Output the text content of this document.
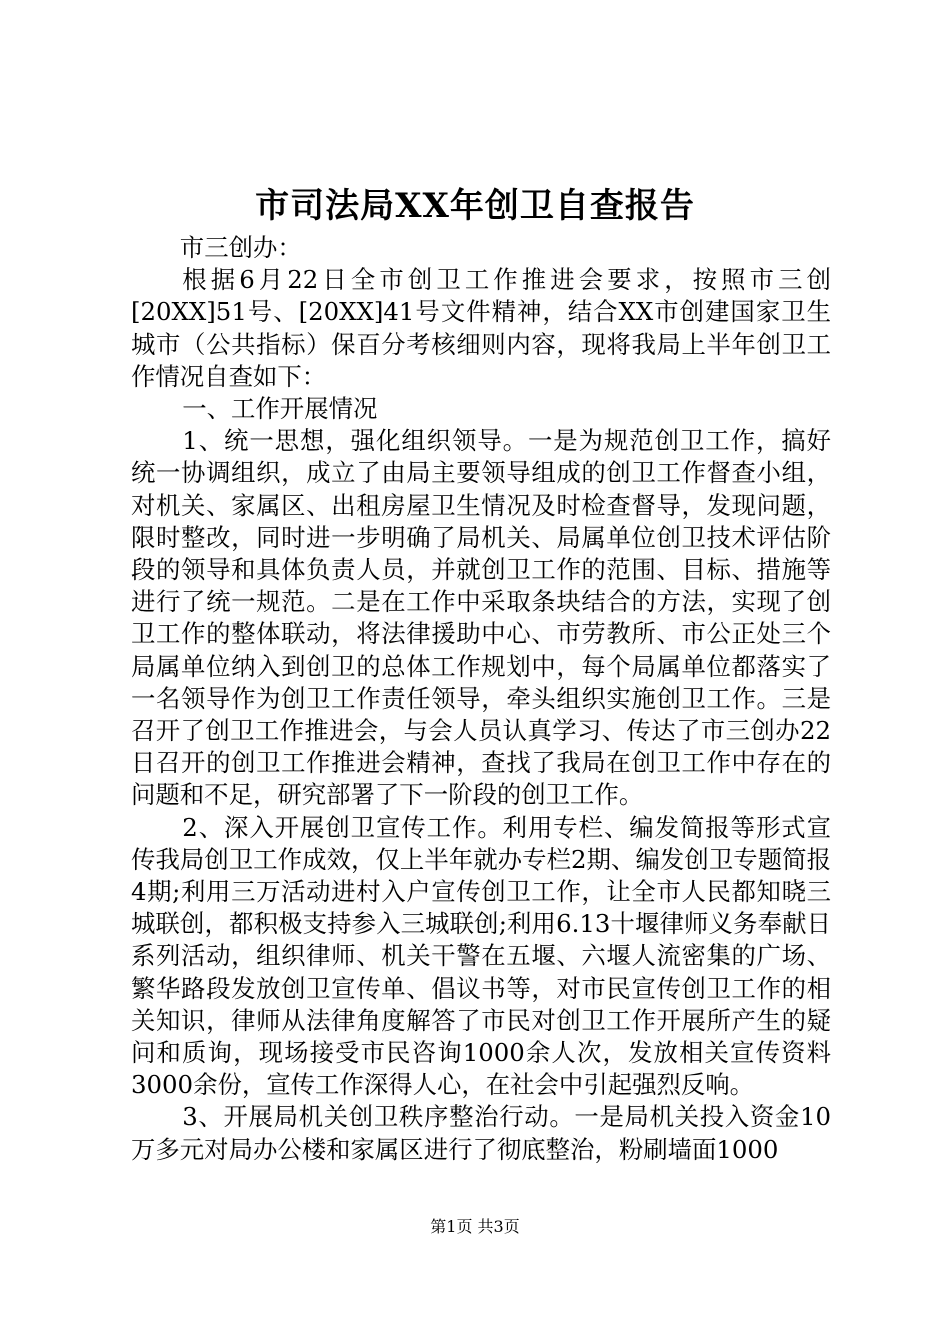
市司法局XX年创卫自查报告

市三创办：

根据6月22日全市创卫工作推进会要求，按照市三创[20XX]51号、[20XX]41号文件精神，结合XX市创建国家卫生城市（公共指标）保百分考核细则内容，现将我局上半年创卫工作情况自查如下：

一、工作开展情况

1、统一思想，强化组织领导。一是为规范创卫工作，搞好统一协调组织，成立了由局主要领导组成的创卫工作督查小组，对机关、家属区、出租房屋卫生情况及时检查督导，发现问题，限时整改，同时进一步明确了局机关、局属单位创卫技术评估阶段的领导和具体负责人员，并就创卫工作的范围、目标、措施等进行了统一规范。二是在工作中采取条块结合的方法，实现了创卫工作的整体联动，将法律援助中心、市劳教所、市公正处三个局属单位纳入到创卫的总体工作规划中，每个局属单位都落实了一名领导作为创卫工作责任领导，牵头组织实施创卫工作。三是召开了创卫工作推进会，与会人员认真学习、传达了市三创办22日召开的创卫工作推进会精神，查找了我局在创卫工作中存在的问题和不足，研究部署了下一阶段的创卫工作。

2、深入开展创卫宣传工作。利用专栏、编发简报等形式宣传我局创卫工作成效，仅上半年就办专栏2期、编发创卫专题简报4期;利用三万活动进村入户宣传创卫工作，让全市人民都知晓三城联创，都积极支持参入三城联创;利用6.13十堰律师义务奉献日系列活动，组织律师、机关干警在五堰、六堰人流密集的广场、繁华路段发放创卫宣传单、倡议书等，对市民宣传创卫工作的相关知识，律师从法律角度解答了市民对创卫工作开展所产生的疑问和质询，现场接受市民咨询1000余人次，发放相关宣传资料3000余份，宣传工作深得人心，在社会中引起强烈反响。

3、开展局机关创卫秩序整治行动。一是局机关投入资金10万多元对局办公楼和家属区进行了彻底整治，粉刷墙面1000

第1页 共3页
